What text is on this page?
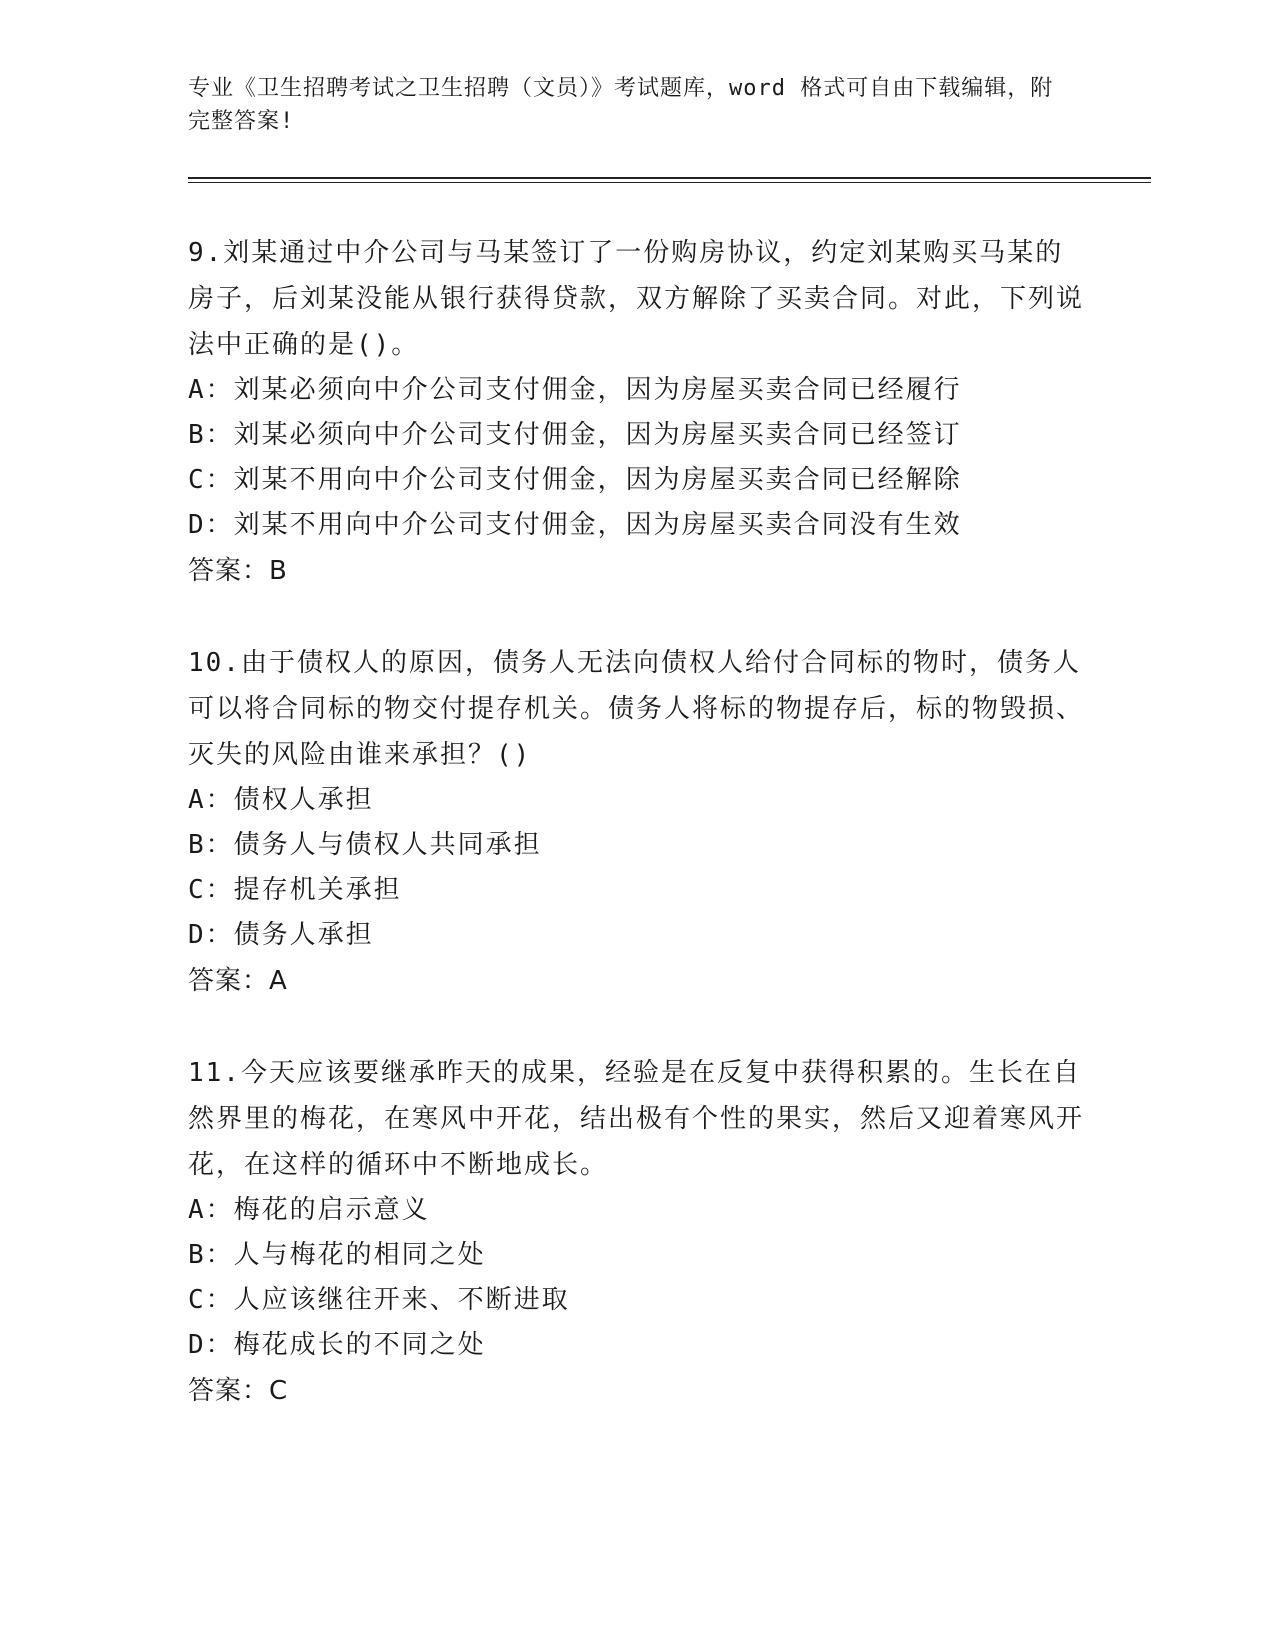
专业《卫生招聘考试之卫生招聘（文员）》考试题库，word 格式可自由下载编辑，附完整答案!

9.刘某通过中介公司与马某签订了一份购房协议，约定刘某购买马某的房子，后刘某没能从银行获得贷款，双方解除了买卖合同。对此，下列说法中正确的是()。

A：刘某必须向中介公司支付佣金，因为房屋买卖合同已经履行

B：刘某必须向中介公司支付佣金，因为房屋买卖合同已经签订

C：刘某不用向中介公司支付佣金，因为房屋买卖合同已经解除

D：刘某不用向中介公司支付佣金，因为房屋买卖合同没有生效

答案：B

10.由于债权人的原因，债务人无法向债权人给付合同标的物时，债务人可以将合同标的物交付提存机关。债务人将标的物提存后，标的物毁损、灭失的风险由谁来承担？()

A：债权人承担

B：债务人与债权人共同承担

C：提存机关承担

D：债务人承担

答案：A

11.今天应该要继承昨天的成果，经验是在反复中获得积累的。生长在自然界里的梅花，在寒风中开花，结出极有个性的果实，然后又迎着寒风开花，在这样的循环中不断地成长。

A：梅花的启示意义

B：人与梅花的相同之处

C：人应该继往开来、不断进取

D：梅花成长的不同之处

答案：C
